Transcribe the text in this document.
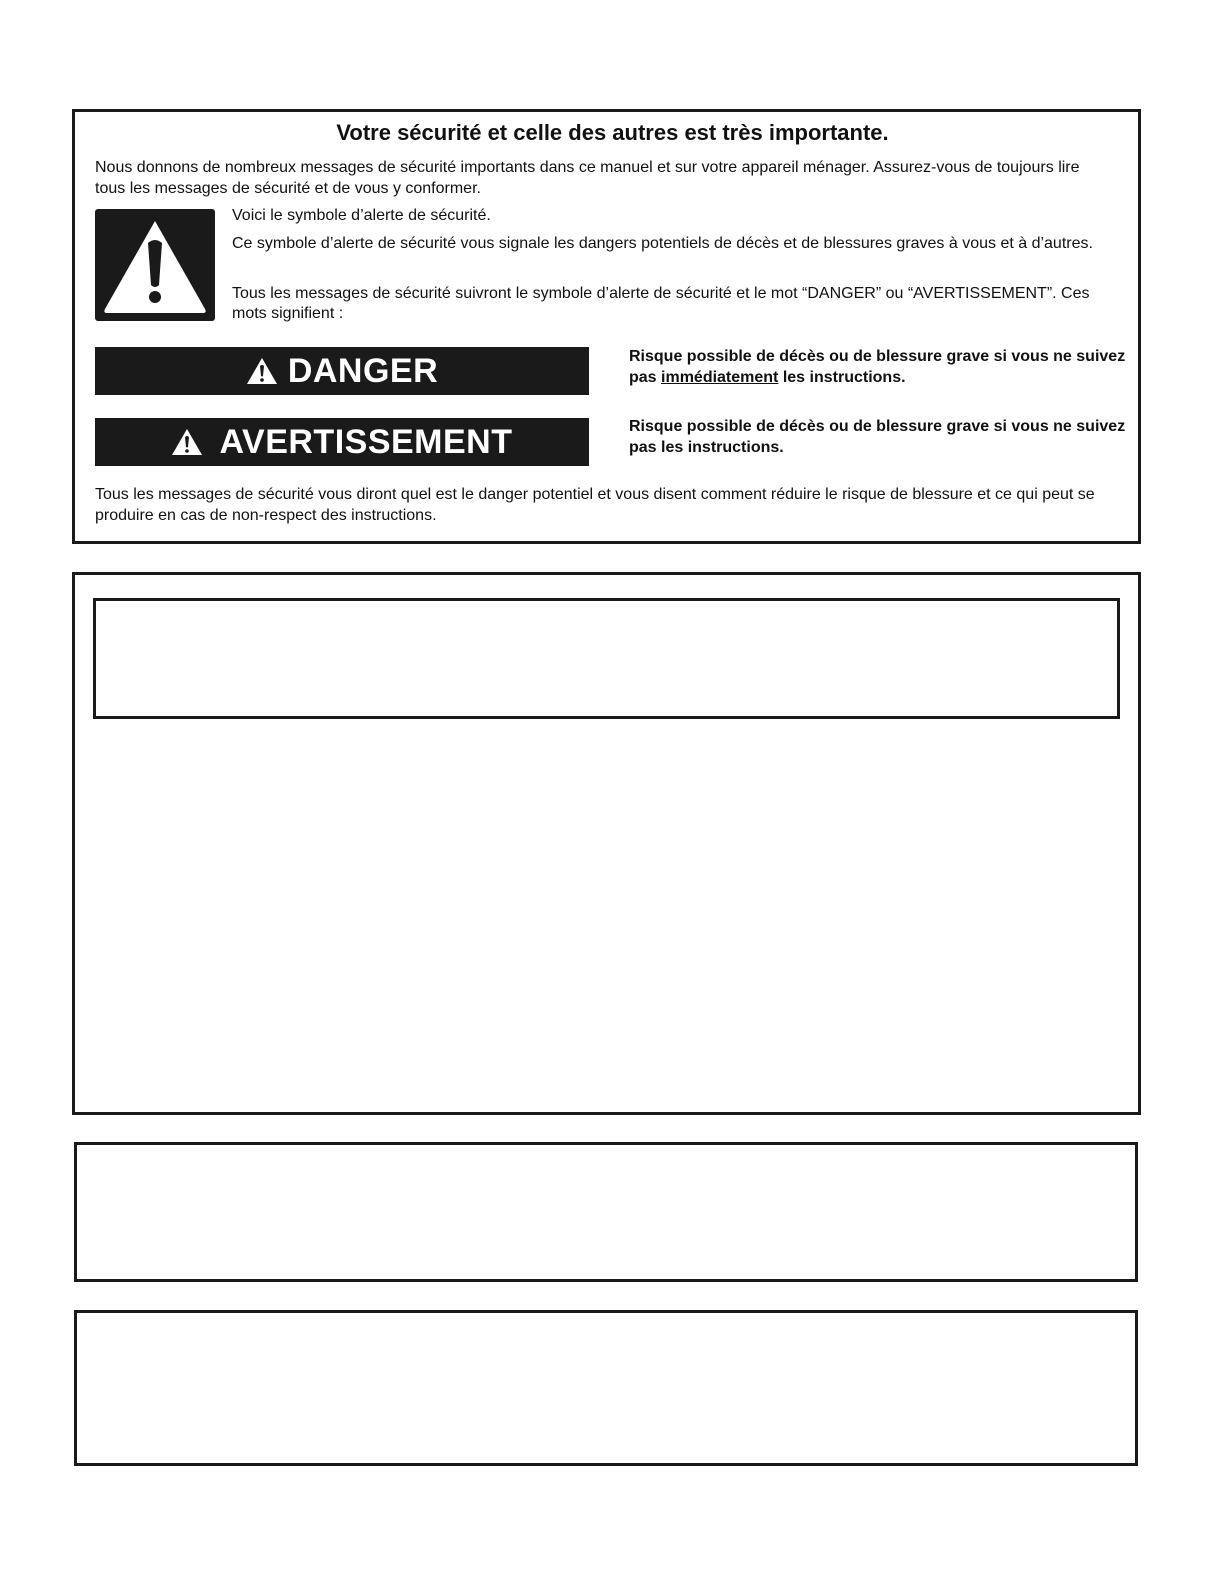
Votre sécurité et celle des autres est très importante.

Nous donnons de nombreux messages de sécurité importants dans ce manuel et sur votre appareil ménager. Assurez-vous de toujours lire tous les messages de sécurité et de vous y conformer.

Voici le symbole d’alerte de sécurité.

Ce symbole d’alerte de sécurité vous signale les dangers potentiels de décès et de blessures graves à vous et à d’autres.

Tous les messages de sécurité suivront le symbole d’alerte de sécurité et le mot “DANGER” ou “AVERTISSEMENT”. Ces mots signifient :

DANGER	Risque possible de décès ou de blessure grave si vous ne suivez pas immédiatement les instructions.

AVERTISSEMENT	Risque possible de décès ou de blessure grave si vous ne suivez pas les instructions.

Tous les messages de sécurité vous diront quel est le danger potentiel et vous disent comment réduire le risque de blessure et ce qui peut se produire en cas de non-respect des instructions.
